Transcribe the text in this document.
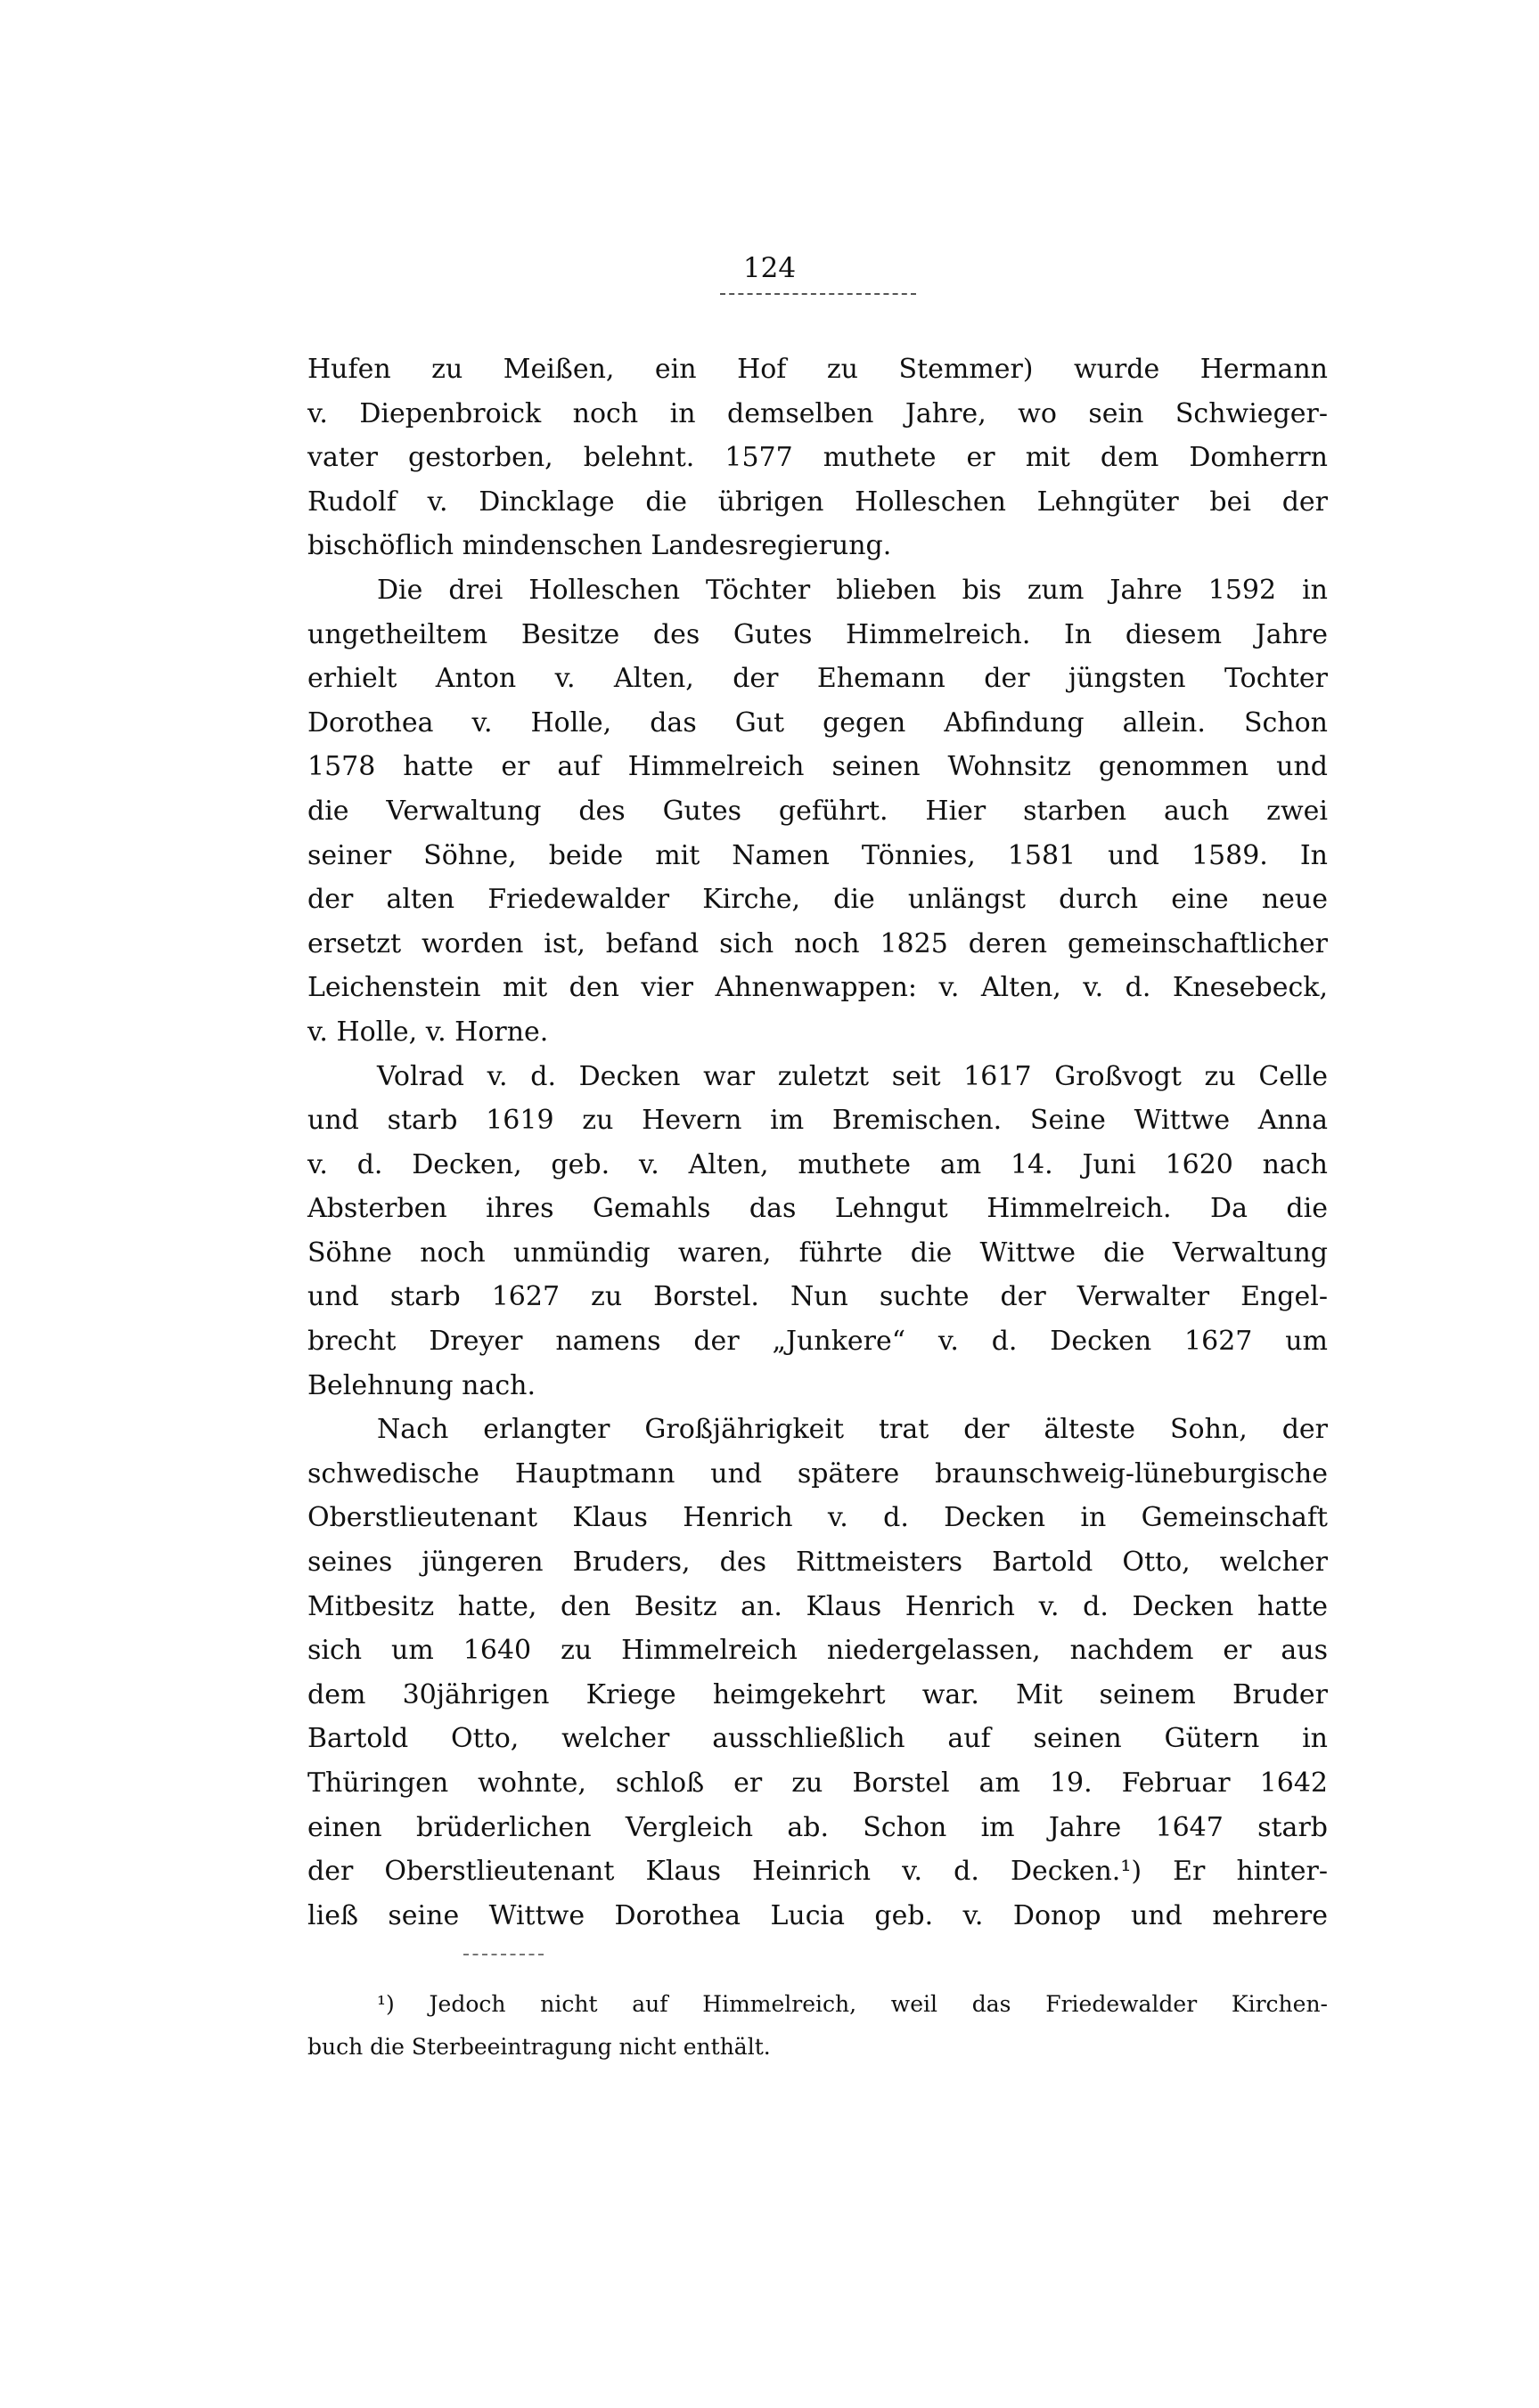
124
Hufen zu Meißen, ein Hof zu Stemmer) wurde Hermann
v. Diepenbroick noch in demselben Jahre, wo sein Schwieger-
vater gestorben, belehnt. 1577 muthete er mit dem Domherrn
Rudolf v. Dincklage die übrigen Holleschen Lehngüter bei der
bischöflich mindenschen Landesregierung.
Die drei Holleschen Töchter blieben bis zum Jahre 1592 in
ungetheiltem Besitze des Gutes Himmelreich. In diesem Jahre
erhielt Anton v. Alten, der Ehemann der jüngsten Tochter
Dorothea v. Holle, das Gut gegen Abfindung allein. Schon
1578 hatte er auf Himmelreich seinen Wohnsitz genommen und
die Verwaltung des Gutes geführt. Hier starben auch zwei
seiner Söhne, beide mit Namen Tönnies, 1581 und 1589. In
der alten Friedewalder Kirche, die unlängst durch eine neue
ersetzt worden ist, befand sich noch 1825 deren gemeinschaftlicher
Leichenstein mit den vier Ahnenwappen: v. Alten, v. d. Knesebeck,
v. Holle, v. Horne.
Volrad v. d. Decken war zuletzt seit 1617 Großvogt zu Celle
und starb 1619 zu Hevern im Bremischen. Seine Wittwe Anna
v. d. Decken, geb. v. Alten, muthete am 14. Juni 1620 nach
Absterben ihres Gemahls das Lehngut Himmelreich. Da die
Söhne noch unmündig waren, führte die Wittwe die Verwaltung
und starb 1627 zu Borstel. Nun suchte der Verwalter Engel-
brecht Dreyer namens der „Junkere“ v. d. Decken 1627 um
Belehnung nach.
Nach erlangter Großjährigkeit trat der älteste Sohn, der
schwedische Hauptmann und spätere braunschweig-lüneburgische
Oberstlieutenant Klaus Henrich v. d. Decken in Gemeinschaft
seines jüngeren Bruders, des Rittmeisters Bartold Otto, welcher
Mitbesitz hatte, den Besitz an. Klaus Henrich v. d. Decken hatte
sich um 1640 zu Himmelreich niedergelassen, nachdem er aus
dem 30jährigen Kriege heimgekehrt war. Mit seinem Bruder
Bartold Otto, welcher ausschließlich auf seinen Gütern in
Thüringen wohnte, schloß er zu Borstel am 19. Februar 1642
einen brüderlichen Vergleich ab. Schon im Jahre 1647 starb
der Oberstlieutenant Klaus Heinrich v. d. Decken.¹) Er hinter-
ließ seine Wittwe Dorothea Lucia geb. v. Donop und mehrere
¹) Jedoch nicht auf Himmelreich, weil das Friedewalder Kirchen-
buch die Sterbeeintragung nicht enthält.
